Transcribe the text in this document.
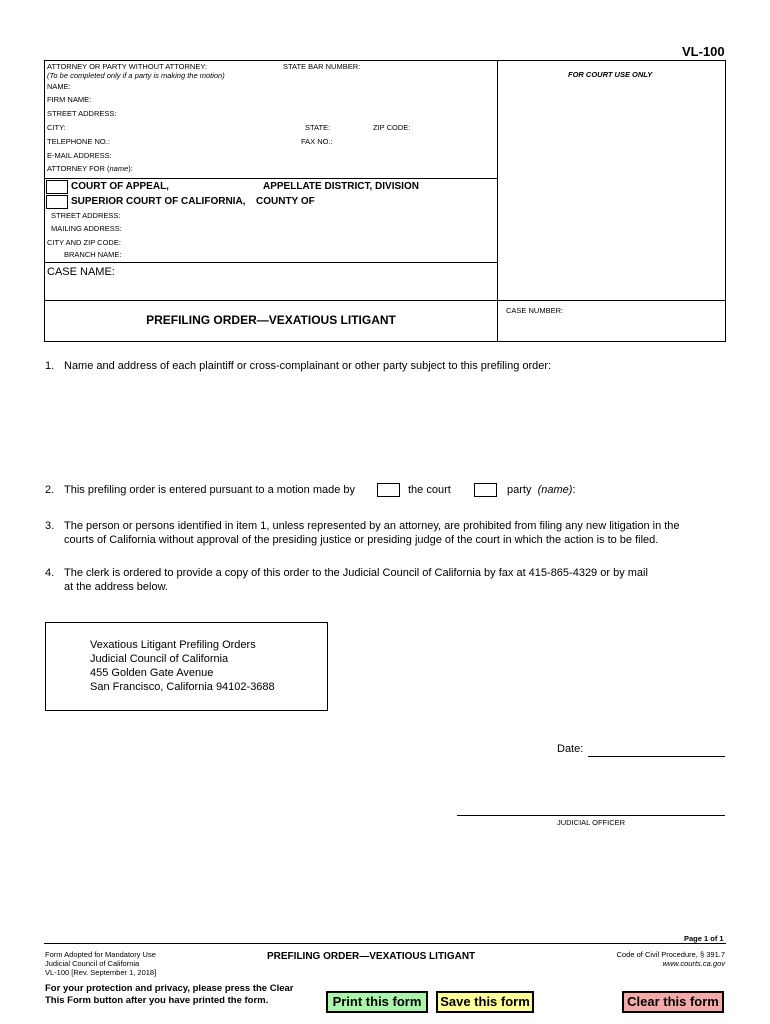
VL-100
ATTORNEY OR PARTY WITHOUT ATTORNEY:
(To be completed only if a party is making the motion)
STATE BAR NUMBER:
FOR COURT USE ONLY
NAME:
FIRM NAME:
STREET ADDRESS:
CITY:	STATE:	ZIP CODE:
TELEPHONE NO.:	FAX NO.:
E-MAIL ADDRESS:
ATTORNEY FOR (name):
COURT OF APPEAL,	APPELLATE DISTRICT, DIVISION
SUPERIOR COURT OF CALIFORNIA, COUNTY OF
STREET ADDRESS:
MAILING ADDRESS:
CITY AND ZIP CODE:
BRANCH NAME:
CASE NAME:
PREFILING ORDER—VEXATIOUS LITIGANT
CASE NUMBER:
1. Name and address of each plaintiff or cross-complainant or other party subject to this prefiling order:
2. This prefiling order is entered pursuant to a motion made by	the court	party (name):
3. The person or persons identified in item 1, unless represented by an attorney, are prohibited from filing any new litigation in the
courts of California without approval of the presiding justice or presiding judge of the court in which the action is to be filed.
4. The clerk is ordered to provide a copy of this order to the Judicial Council of California by fax at 415-865-4329 or by mail
at the address below.
Vexatious Litigant Prefiling Orders
Judicial Council of California
455 Golden Gate Avenue
San Francisco, California 94102-3688
Date:
JUDICIAL OFFICER
Page 1 of 1
Form Adopted for Mandatory Use
Judicial Council of California
VL-100 [Rev. September 1, 2018]
PREFILING ORDER—VEXATIOUS LITIGANT	Code of Civil Procedure, § 391.7
www.courts.ca.gov
For your protection and privacy, please press the Clear
This Form button after you have printed the form.	Print this form	Save this form	Clear this form
